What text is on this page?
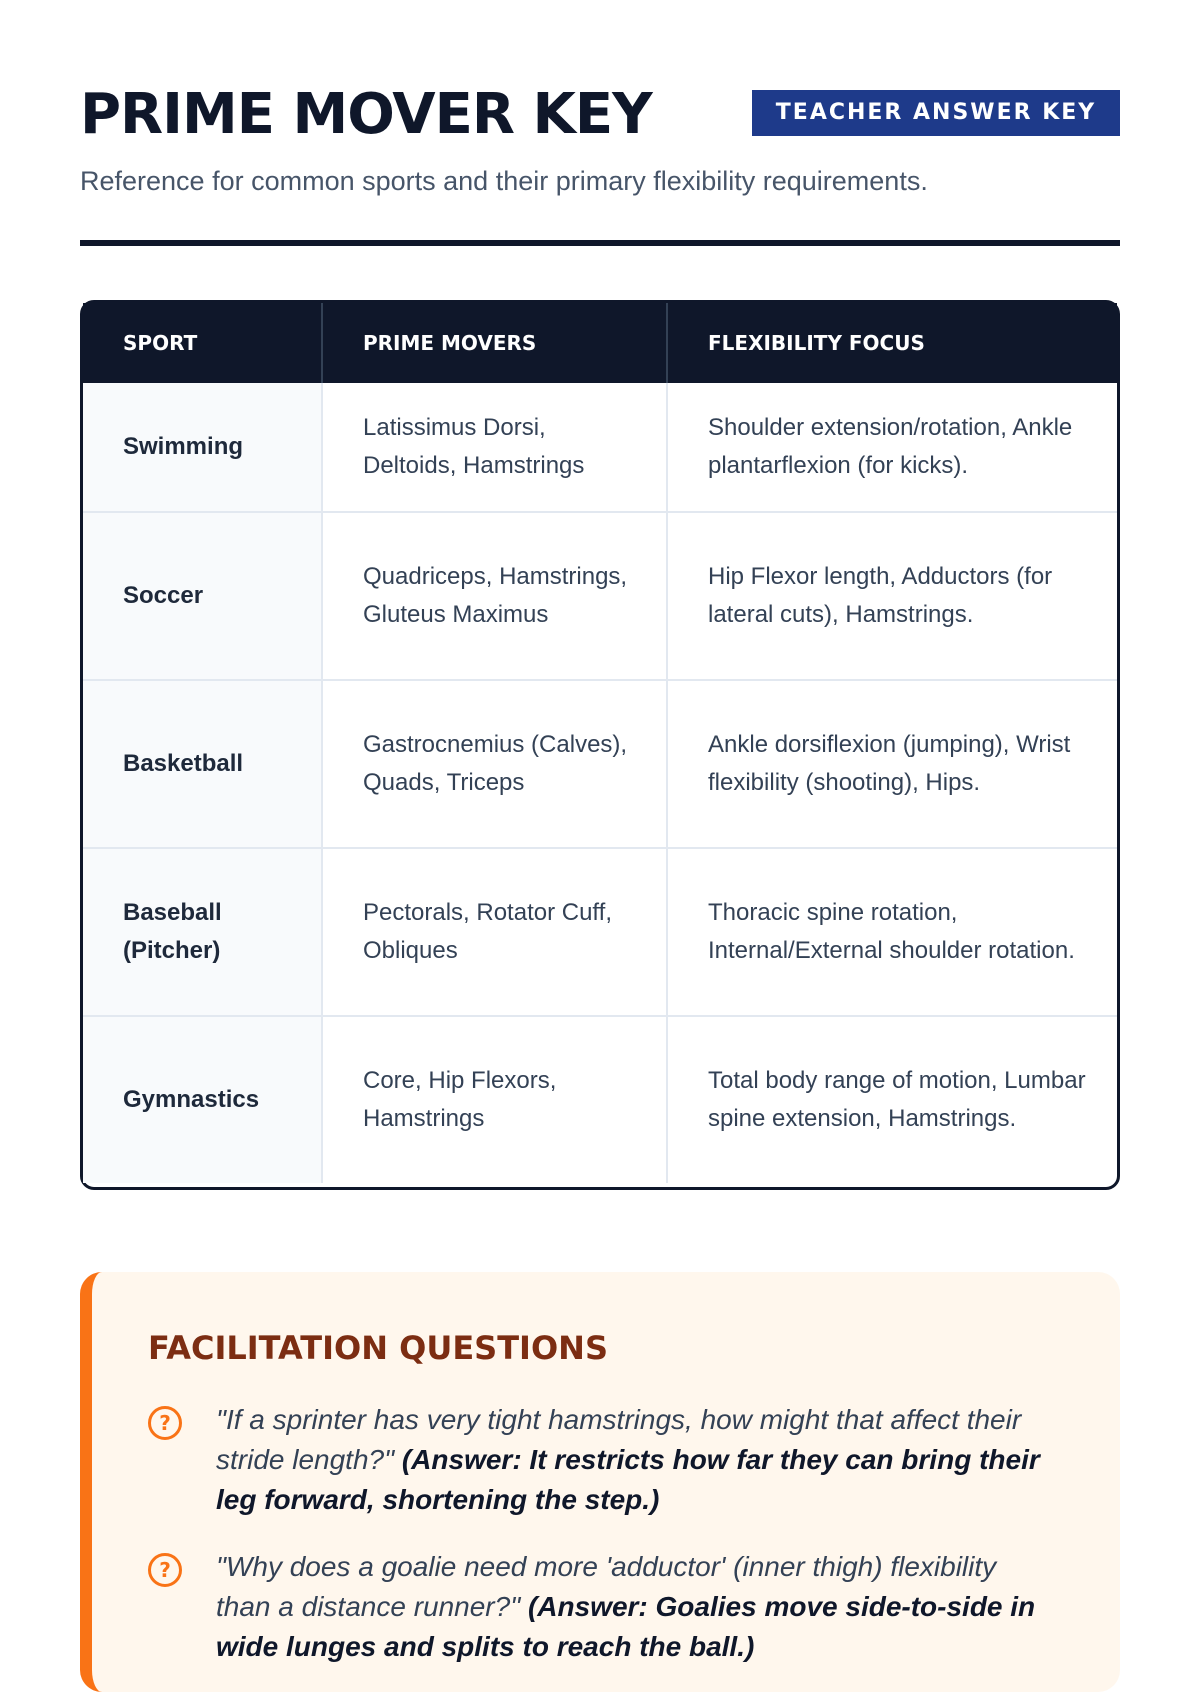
PRIME MOVER KEY	TEACHER ANSWER KEY

Reference for common sports and their primary flexibility requirements.

SPORT	PRIME MOVERS	FLEXIBILITY FOCUS
Swimming	Latissimus Dorsi, Deltoids, Hamstrings	Shoulder extension/rotation, Ankle plantarflexion (for kicks).
Soccer	Quadriceps, Hamstrings, Gluteus Maximus	Hip Flexor length, Adductors (for lateral cuts), Hamstrings.
Basketball	Gastrocnemius (Calves), Quads, Triceps	Ankle dorsiflexion (jumping), Wrist flexibility (shooting), Hips.
Baseball (Pitcher)	Pectorals, Rotator Cuff, Obliques	Thoracic spine rotation, Internal/External shoulder rotation.
Gymnastics	Core, Hip Flexors, Hamstrings	Total body range of motion, Lumbar spine extension, Hamstrings.
FACILITATION QUESTIONS
?	"If a sprinter has very tight hamstrings, how might that affect their stride length?" (Answer: It restricts how far they can bring their leg forward, shortening the step.)

?	"Why does a goalie need more 'adductor' (inner thigh) flexibility than a distance runner?" (Answer: Goalies move side-to-side in wide lunges and splits to reach the ball.)
